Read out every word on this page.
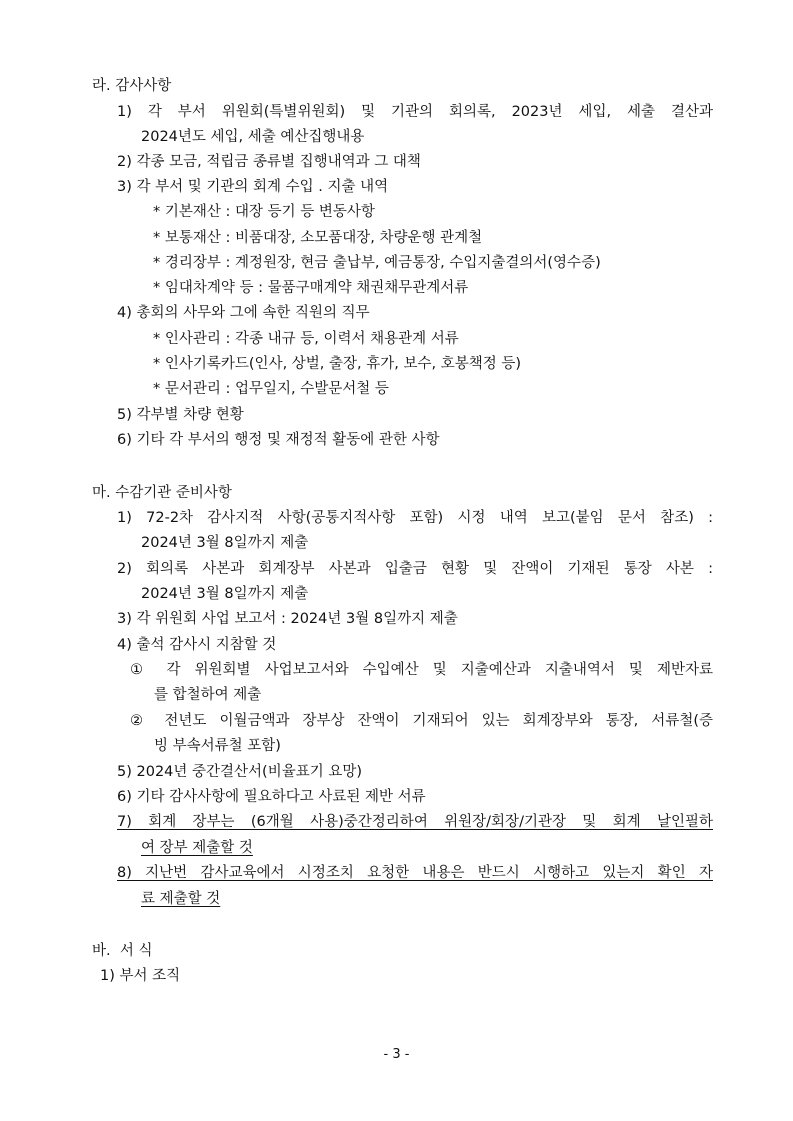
라. 감사사항
1) 각 부서 위원회(특별위원회) 및 기관의 회의록, 2023년 세입, 세출 결산과
2024년도 세입, 세출 예산집행내용
2) 각종 모금, 적립금 종류별 집행내역과 그 대책
3) 각 부서 및 기관의 회계 수입 . 지출 내역
* 기본재산 : 대장 등기 등 변동사항
* 보통재산 : 비품대장, 소모품대장, 차량운행 관계철
* 경리장부 : 계정원장, 현금 출납부, 예금통장, 수입지출결의서(영수증)
* 임대차계약 등 : 물품구매계약 채권채무관계서류
4) 총회의 사무와 그에 속한 직원의 직무
* 인사관리 : 각종 내규 등, 이력서 채용관계 서류
* 인사기록카드(인사, 상벌, 출장, 휴가, 보수, 호봉책정 등)
* 문서관리 : 업무일지, 수발문서철 등
5) 각부별 차량 현황
6) 기타 각 부서의 행정 및 재정적 활동에 관한 사항
마. 수감기관 준비사항
1) 72-2차 감사지적 사항(공통지적사항 포함) 시정 내역 보고(붙임 문서 참조) :
2024년 3월 8일까지 제출
2) 회의록 사본과 회계장부 사본과 입출금 현황 및 잔액이 기재된 통장 사본 :
2024년 3월 8일까지 제출
3) 각 위원회 사업 보고서 : 2024년 3월 8일까지 제출
4) 출석 감사시 지참할 것
① 각 위원회별 사업보고서와 수입예산 및 지출예산과 지출내역서 및 제반자료
를 합철하여 제출
② 전년도 이월금액과 장부상 잔액이 기재되어 있는 회계장부와 통장, 서류철(증
빙 부속서류철 포함)
5) 2024년 중간결산서(비율표기 요망)
6) 기타 감사사항에 필요하다고 사료된 제반 서류
7) 회계 장부는 (6개월 사용)중간정리하여 위원장/회장/기관장 및 회계 날인필하
여 장부 제출할 것
8) 지난번 감사교육에서 시정조치 요청한 내용은 반드시 시행하고 있는지 확인 자
료 제출할 것
바.  서 식
1) 부서 조직
- 3 -
